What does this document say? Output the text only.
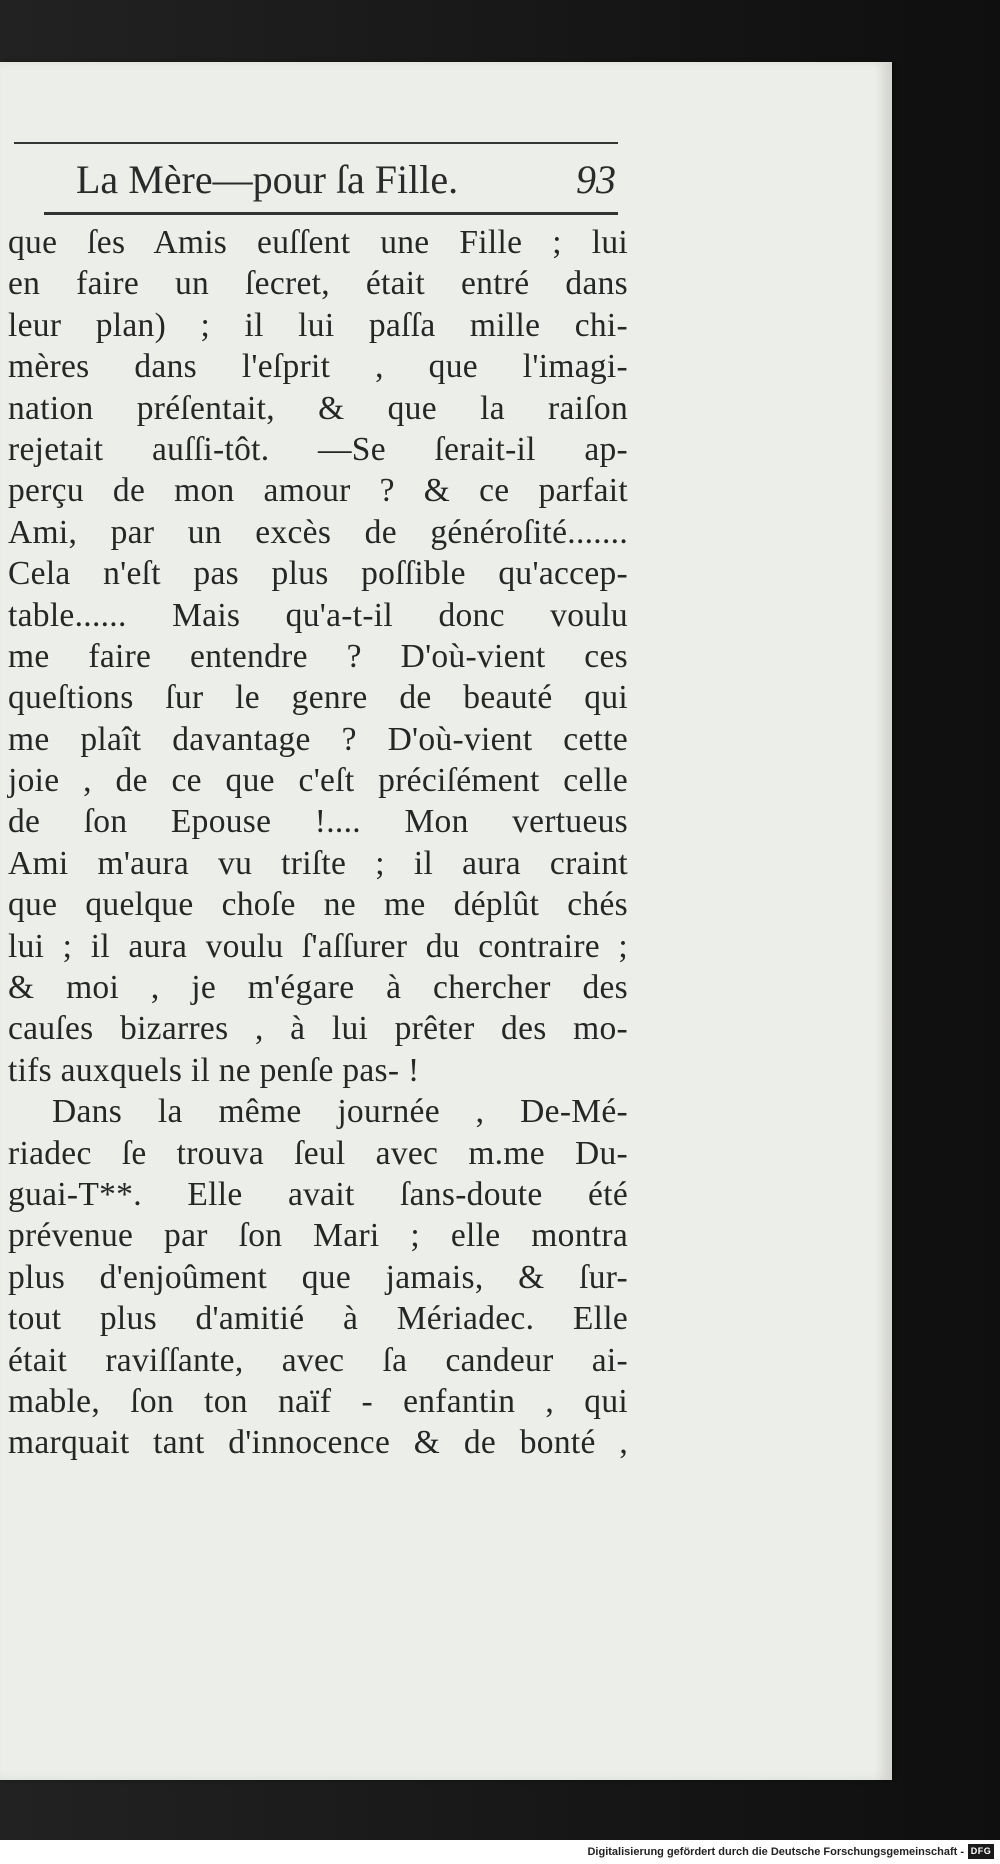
La Mère—pour ſa Fille.	93
que ſes Amis euſſent une Fille ; lui
en faire un ſecret, était entré dans
leur plan) ; il lui paſſa mille chi-
mères dans l'eſprit , que l'imagi-
nation préſentait, & que la raiſon
rejetait auſſi-tôt. —Se ſerait-il ap-
perçu de mon amour ? & ce parfait
Ami, par un excès de généroſité.......
Cela n'eſt pas plus poſſible qu'accep-
table...... Mais qu'a-t-il donc voulu
me faire entendre ? D'où-vient ces
queſtions ſur le genre de beauté qui
me plaît davantage ? D'où-vient cette
joie , de ce que c'eſt préciſément celle
de ſon Epouse !.... Mon vertueus
Ami m'aura vu triſte ; il aura craint
que quelque choſe ne me déplût chés
lui ; il aura voulu ſ'aſſurer du contraire ;
& moi , je m'égare à chercher des
cauſes bizarres , à lui prêter des mo-
tifs auxquels il ne penſe pas- !
Dans la même journée , De-Mé-
riadec ſe trouva ſeul avec m.me Du-
guai-T**. Elle avait ſans-doute été
prévenue par ſon Mari ; elle montra
plus d'enjoûment que jamais, & ſur-
tout plus d'amitié à Mériadec. Elle
était raviſſante, avec ſa candeur ai-
mable, ſon ton naïf - enfantin , qui
marquait tant d'innocence & de bonté ,
Digitalisierung gefördert durch die Deutsche Forschungsgemeinschaft - DFG
